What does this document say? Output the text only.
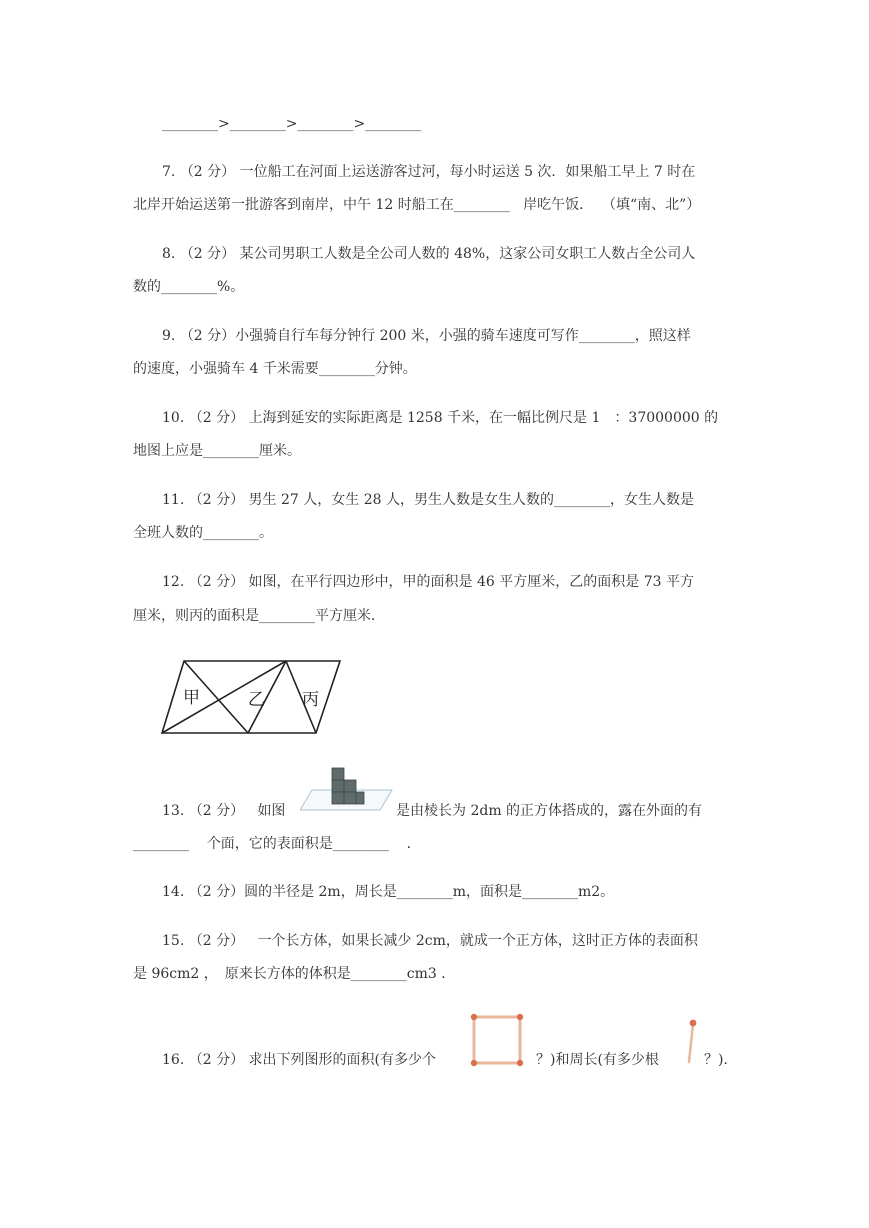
________>________>________>________
7. （2 分） 一位船工在河面上运送游客过河，每小时运送 5 次．如果船工早上 7 时在
北岸开始运送第一批游客到南岸，中午 12 时船工在________ 岸吃午饭． （填“南、北”）
8. （2 分） 某公司男职工人数是全公司人数的 48%，这家公司女职工人数占全公司人
数的________%。
9. （2 分）小强骑自行车每分钟行 200 米，小强的骑车速度可写作________，照这样
的速度，小强骑车 4 千米需要________分钟。
10. （2 分） 上海到延安的实际距离是 1258 千米，在一幅比例尺是 1　：37000000 的
地图上应是________厘米。
11. （2 分） 男生 27 人，女生 28 人，男生人数是女生人数的________，女生人数是
全班人数的________。
12. （2 分） 如图，在平行四边形中，甲的面积是 46 平方厘米，乙的面积是 73 平方
厘米，则丙的面积是________平方厘米．
甲	乙 丙
13. （2 分） 如图	是由棱长为 2dm 的正方体搭成的，露在外面的有
________ 个面，它的表面积是________ ．
14. （2 分）圆的半径是 2m，周长是________m，面积是________m2。
15. （2 分） 一个长方体，如果长减少 2cm，就成一个正方体，这时正方体的表面积
是 96cm2 ，　原来长方体的体积是________cm3 ．
16. （2 分） 求出下列图形的面积(有多少个	？)和周长(有多少根	？)．
